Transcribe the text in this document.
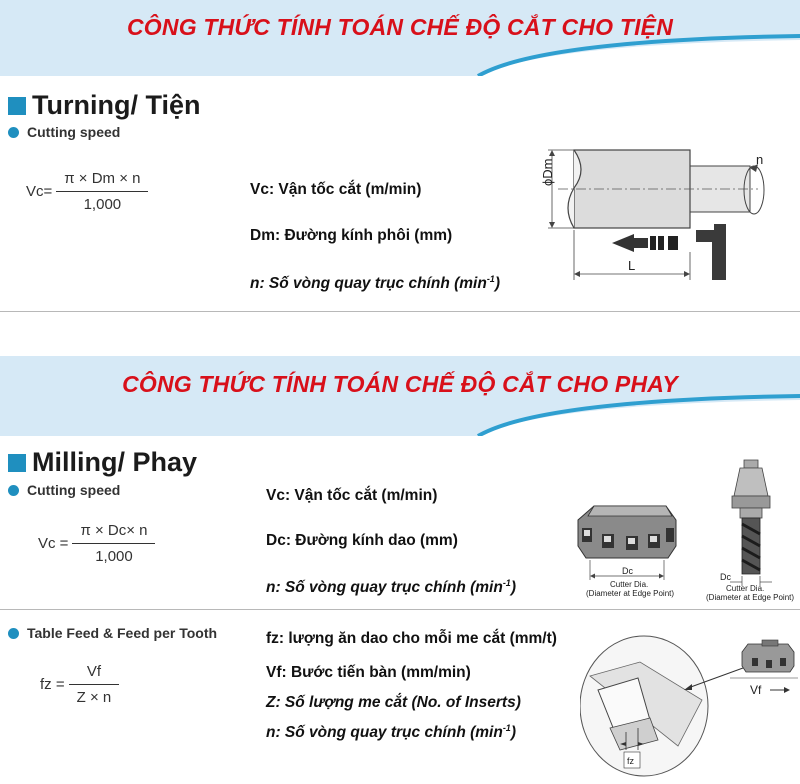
CÔNG THỨC TÍNH TOÁN CHẾ ĐỘ CẮT CHO TIỆN
Turning/ Tiện
Cutting speed
$Vc= \frac{\pi \times Dm \times n}{1,000}$	Vc: Vận tốc cắt (m/min)
Dm: Đường kính phôi (mm)
n: Số vòng quay trục chính $(\min^{-1})$
ϕDm	n
L
CÔNG THỨC TÍNH TOÁN CHẾ ĐỘ CẮT CHO PHAY
Milling/ Phay
Cutting speed
$Vc = \frac{\pi \times Dc\times n}{1,000}$
Vc: Vận tốc cắt (m/min)
Dc: Đường kính dao (mm)
n: Số vòng quay trục chính $(\min^{-1})$
Dc
Cutter Dia.
(Diameter at Edge Point)
Dc
Cutter Dia.
(Diameter at Edge Point)
Table Feed & Feed per Tooth
fz = $\frac{Vf}{Z \times n}$
fz: lượng ăn dao cho mỗi me cắt (mm/t)
Vf: Bước tiến bàn (mm/min)
Z: Số lượng me cắt (No. of Inserts)
n: Số vòng quay trục chính $(\min^{-1})$
fz
Vf
